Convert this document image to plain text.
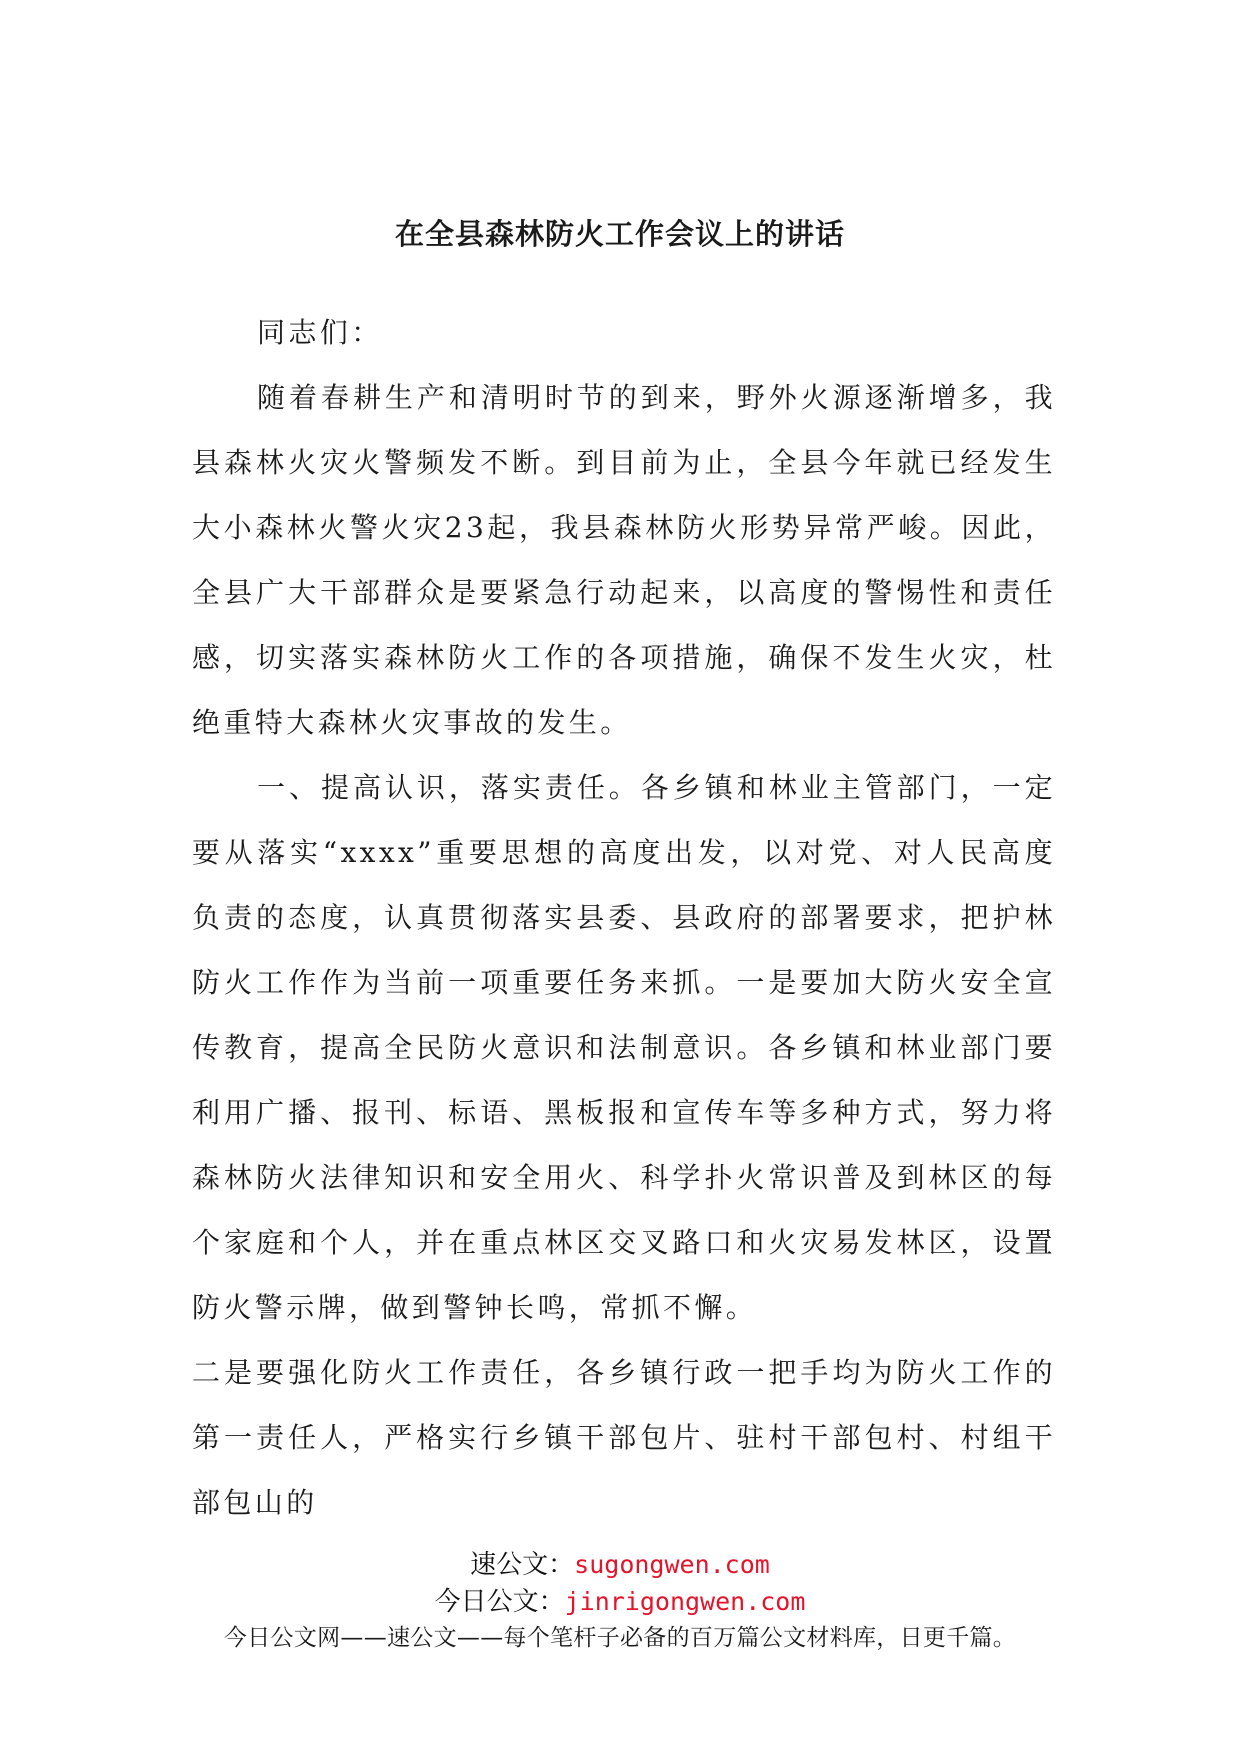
在全县森林防火工作会议上的讲话

同志们：

随着春耕生产和清明时节的到来，野外火源逐渐增多，我县森林火灾火警频发不断。到目前为止，全县今年就已经发生大小森林火警火灾23起，我县森林防火形势异常严峻。因此，全县广大干部群众是要紧急行动起来，以高度的警惕性和责任感，切实落实森林防火工作的各项措施，确保不发生火灾，杜绝重特大森林火灾事故的发生。

一、提高认识，落实责任。各乡镇和林业主管部门，一定要从落实“xxxx”重要思想的高度出发，以对党、对人民高度负责的态度，认真贯彻落实县委、县政府的部署要求，把护林防火工作作为当前一项重要任务来抓。一是要加大防火安全宣传教育，提高全民防火意识和法制意识。各乡镇和林业部门要利用广播、报刊、标语、黑板报和宣传车等多种方式，努力将森林防火法律知识和安全用火、科学扑火常识普及到林区的每个家庭和个人，并在重点林区交叉路口和火灾易发林区，设置防火警示牌，做到警钟长鸣，常抓不懈。

二是要强化防火工作责任，各乡镇行政一把手均为防火工作的第一责任人，严格实行乡镇干部包片、驻村干部包村、村组干部包山的

速公文：sugongwen.com
今日公文：jinrigongwen.com
今日公文网——速公文——每个笔杆子必备的百万篇公文材料库，日更千篇。
